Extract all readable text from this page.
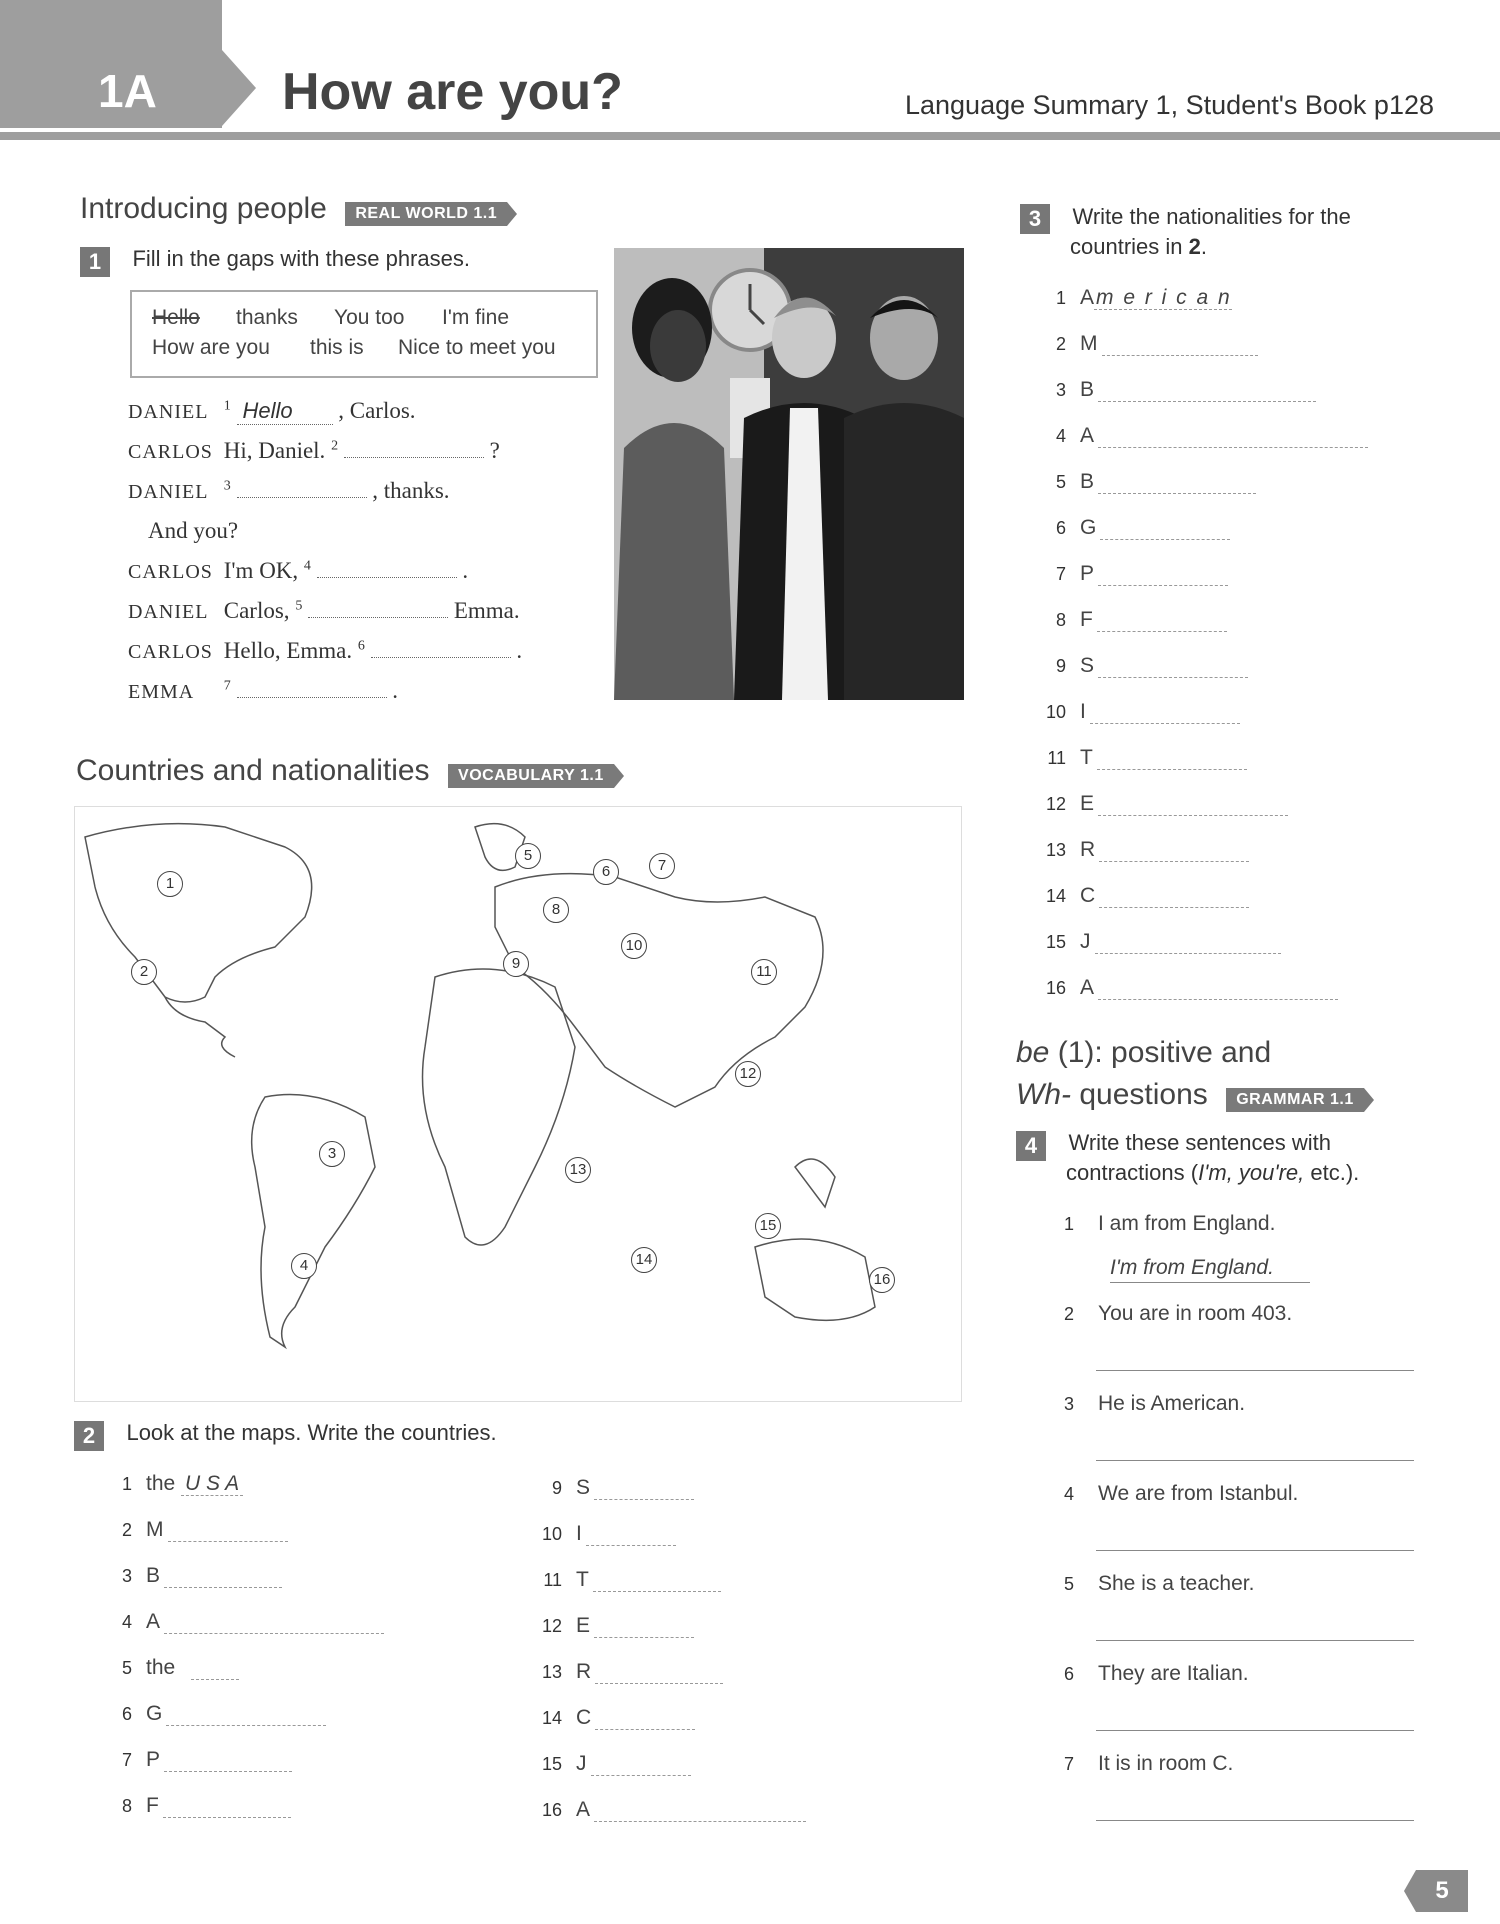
1A How are you?	Language Summary 1, Student's Book p128
Introducing people REAL WORLD 1.1
1 Fill in the gaps with these phrases.
Hello thanks You too I'm fine
How are you this is Nice to meet you
DANIEL $^1$ Hello , Carlos.
CARLOS Hi, Daniel. $^2$	?
DANIEL $^3$	, thanks.
And you?
CARLOS I'm OK, $^4$	.
DANIEL Carlos, $^5$	Emma.
CARLOS Hello, Emma. $^6$	.
EMMA $^7$	.
Countries and nationalities VOCABULARY 1.1
1
2
3
4
5
6	7
8
9
10
11
12
13
14
15
16
2 Look at the maps. Write the countries.
1 the U S A
2 M
3 B
4 A
5 the
6 G
7 P
8 F
9 S
10 I
11 T
12 E
13 R
14 C
15 J
16 A
3 Write the nationalities for the
countries in 2.
1 Am e r i c a n
2 M
3 B
4 A
5 B
6 G
7 P
8 F
9 S
10 I
11 T
12 E
13 R
14 C
15 J
16 A
be (1): positive and
Wh- questions GRAMMAR 1.1
4 Write these sentences with
contractions (I'm, you're, etc.).
1 I am from England.
I'm from England.
2 You are in room 403.
3 He is American.
4 We are from Istanbul.
5 She is a teacher.
6 They are Italian.
7 It is in room C.
5
